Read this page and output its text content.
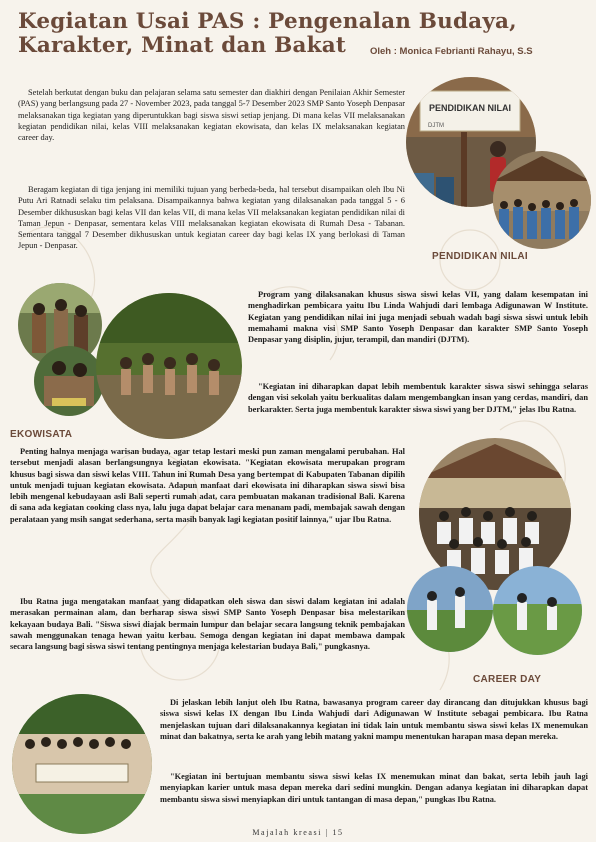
Kegiatan Usai PAS : Pengenalan Budaya, Karakter, Minat dan Bakat	Oleh : Monica Febrianti Rahayu, S.S

Setelah berkutat dengan buku dan pelajaran selama satu semester dan diakhiri dengan Penilaian Akhir Semester (PAS) yang berlangsung pada 27 - November 2023, pada tanggal 5-7 Desember 2023 SMP Santo Yoseph Denpasar melaksanakan tiga kegiatan yang diperuntukkan bagi siswa siswi setiap jenjang. Di mana kelas VII melaksanakan kegiatan pendidikan nilai, kelas VIII melaksanakan kegiatan ekowisata, dan kelas IX melaksanakan kegiatan career day.

Beragam kegiatan di tiga jenjang ini memiliki tujuan yang berbeda-beda, hal tersebut disampaikan oleh Ibu Ni Putu Ari Ratnadi selaku tim pelaksana. Disampaikannya bahwa kegiatan yang dilaksanakan pada tanggal 5 - 6 Desember dikhususkan bagi kelas VII dan kelas VII, di mana kelas VII melaksanakan kegiatan pendidikan nilai di Taman Jepun - Denpasar, sementara kelas VIII melaksanakan kegiatan ekowisata di Rumah Desa - Tabanan. Sementara tanggal 7 Desember dikhususkan untuk kegiatan career day bagi kelas IX yang berlokasi di Taman Jepun - Denpasar.

PENDIDIKAN NILAI
DJTM
PENDIDIKAN NILAI
EKOWISATA

Program yang dilaksanakan khusus siswa siswi kelas VII, yang dalam kesempatan ini menghadirkan pembicara yaitu Ibu Linda Wahjudi dari lembaga Adigunawan W Institute. Kegiatan yang pendidikan nilai ini juga menjadi sebuah wadah bagi siswa siswi untuk lebih memahami makna visi SMP Santo Yoseph Denpasar dan karakter SMP Santo Yoseph Denpasar yang disiplin, jujur, terampil, dan mandiri (DJTM).

"Kegiatan ini diharapkan dapat lebih membentuk karakter siswa siswi sehingga selaras dengan visi sekolah yaitu berkualitas dalam mengembangkan insan yang cerdas, mandiri, dan berkarakter. Serta juga membentuk karakter siswa siswi yang ber DJTM," jelas Ibu Ratna.

Penting halnya menjaga warisan budaya, agar tetap lestari meski pun zaman mengalami perubahan. Hal tersebut menjadi alasan berlangsungnya kegiatan ekowisata. "Kegiatan ekowisata merupakan program khusus bagi siswa dan siswi kelas VIII. Tahun ini Rumah Desa yang bertempat di Kabupaten Tabanan dipilih untuk menjadi tujuan kegiatan ekowisata. Adapun manfaat dari ekowisata ini diharapkan siswa siswi bisa lebih mengenal kebudayaan asli Bali seperti rumah adat, cara pembuatan makanan tradisional Bali. Karena di sana ada kegiatan cooking class nya, lalu juga dapat belajar cara menanam padi, membajak sawah dengan peralataan yang msih sangat sederhana, serta masih banyak lagi kegiatan positif lainnya," ujar Ibu Ratna.

Ibu Ratna juga mengatakan manfaat yang didapatkan oleh siswa dan siswi dalam kegiatan ini adalah merasakan permainan alam, dan berharap siswa siswi SMP Santo Yoseph Denpasar bisa melestarikan kekayaan budaya Bali. "Siswa siswi diajak bermain lumpur dan belajar secara langsung teknik pembajakan sawah menggunakan tenaga hewan yaitu kerbau. Semoga dengan kegiatan ini dapat membawa dampak secara langsung bagi siswa siswi tentang pentingnya menjaga kelestarian budaya Bali," pungkasnya.

CAREER DAY

Di jelaskan lebih lanjut oleh Ibu Ratna, bawasanya program career day dirancang dan ditujukkan khusus bagi siswa siswi kelas IX dengan Ibu Linda Wahjudi dari Adigunawan W Institute sebagai pembicara. Ibu Ratna menjelaskan tujuan dari dilaksanakannya kegiatan ini tidak lain untuk membantu siswa siswi kelas IX menemukan minat dan bakatnya, serta ke arah yang lebih matang yakni mampu menentukan harapan masa depan mereka.

"Kegiatan ini bertujuan membantu siswa siswi kelas IX menemukan minat dan bakat, serta lebih jauh lagi menyiapkan karier untuk masa depan mereka dari sedini mungkin. Dengan adanya kegiatan ini diharapkan dapat membantu siswa siswi menyiapkan diri untuk tantangan di masa depan," pungkas Ibu Ratna.

Majalah kreasi | 15
